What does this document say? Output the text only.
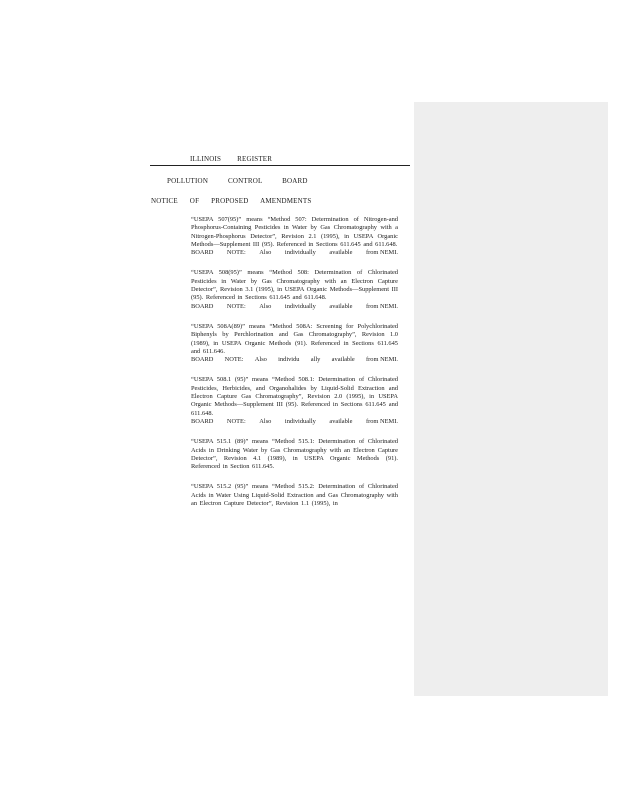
ILLINOIS REGISTER
POLLUTION CONTROL BOARD
NOTICE OF PROPOSED AMENDMENTS
“USEPA 507(95)” means “Method 507: Determination of Nitrogen-and Phosphorus-Containing Pesticides in Water by Gas Chromatography with a Nitrogen-Phosphorus Detector”, Revision 2.1 (1995), in USEPA Organic Methods—Supplement III (95). Referenced in Sections 611.645 and 611.648.
BOARD NOTE: Also individually available from NEMI.
“USEPA 508(95)” means “Method 508: Determination of Chlorinated Pesticides in Water by Gas Chromatography with an Electron Capture Detector”, Revision 3.1 (1995), in USEPA Organic Methods—Supplement III (95). Referenced in Sections 611.645 and 611.648.
BOARD NOTE: Also individually available from NEMI.
“USEPA 508A(89)” means “Method 508A: Screening for Polychlorinated Biphenyls by Perchlorination and Gas Chromatography”, Revision 1.0 (1989), in USEPA Organic Methods (91). Referenced in Sections 611.645 and 611.646.
BOARD NOTE: Also individu ally available from NEMI.
“USEPA 508.1 (95)” means “Method 508.1: Determination of Chlorinated Pesticides, Herbicides, and Organohalides by Liquid-Solid Extraction and Electron Capture Gas Chromatography”, Revision 2.0 (1995), in USEPA Organic Methods—Supplement III (95). Referenced in Sections 611.645 and 611.648.
BOARD NOTE: Also individually available from NEMI.
“USEPA 515.1 (89)” means “Method 515.1: Determination of Chlorinated Acids in Drinking Water by Gas Chromatography with an Electron Capture Detector”, Revision 4.1 (1989), in USEPA Organic Methods (91). Referenced in Section 611.645.
“USEPA 515.2 (95)” means “Method 515.2: Determination of Chlorinated Acids in Water Using Liquid-Solid Extraction and Gas Chromatography with an Electron Capture Detector”, Revision 1.1 (1995), in
